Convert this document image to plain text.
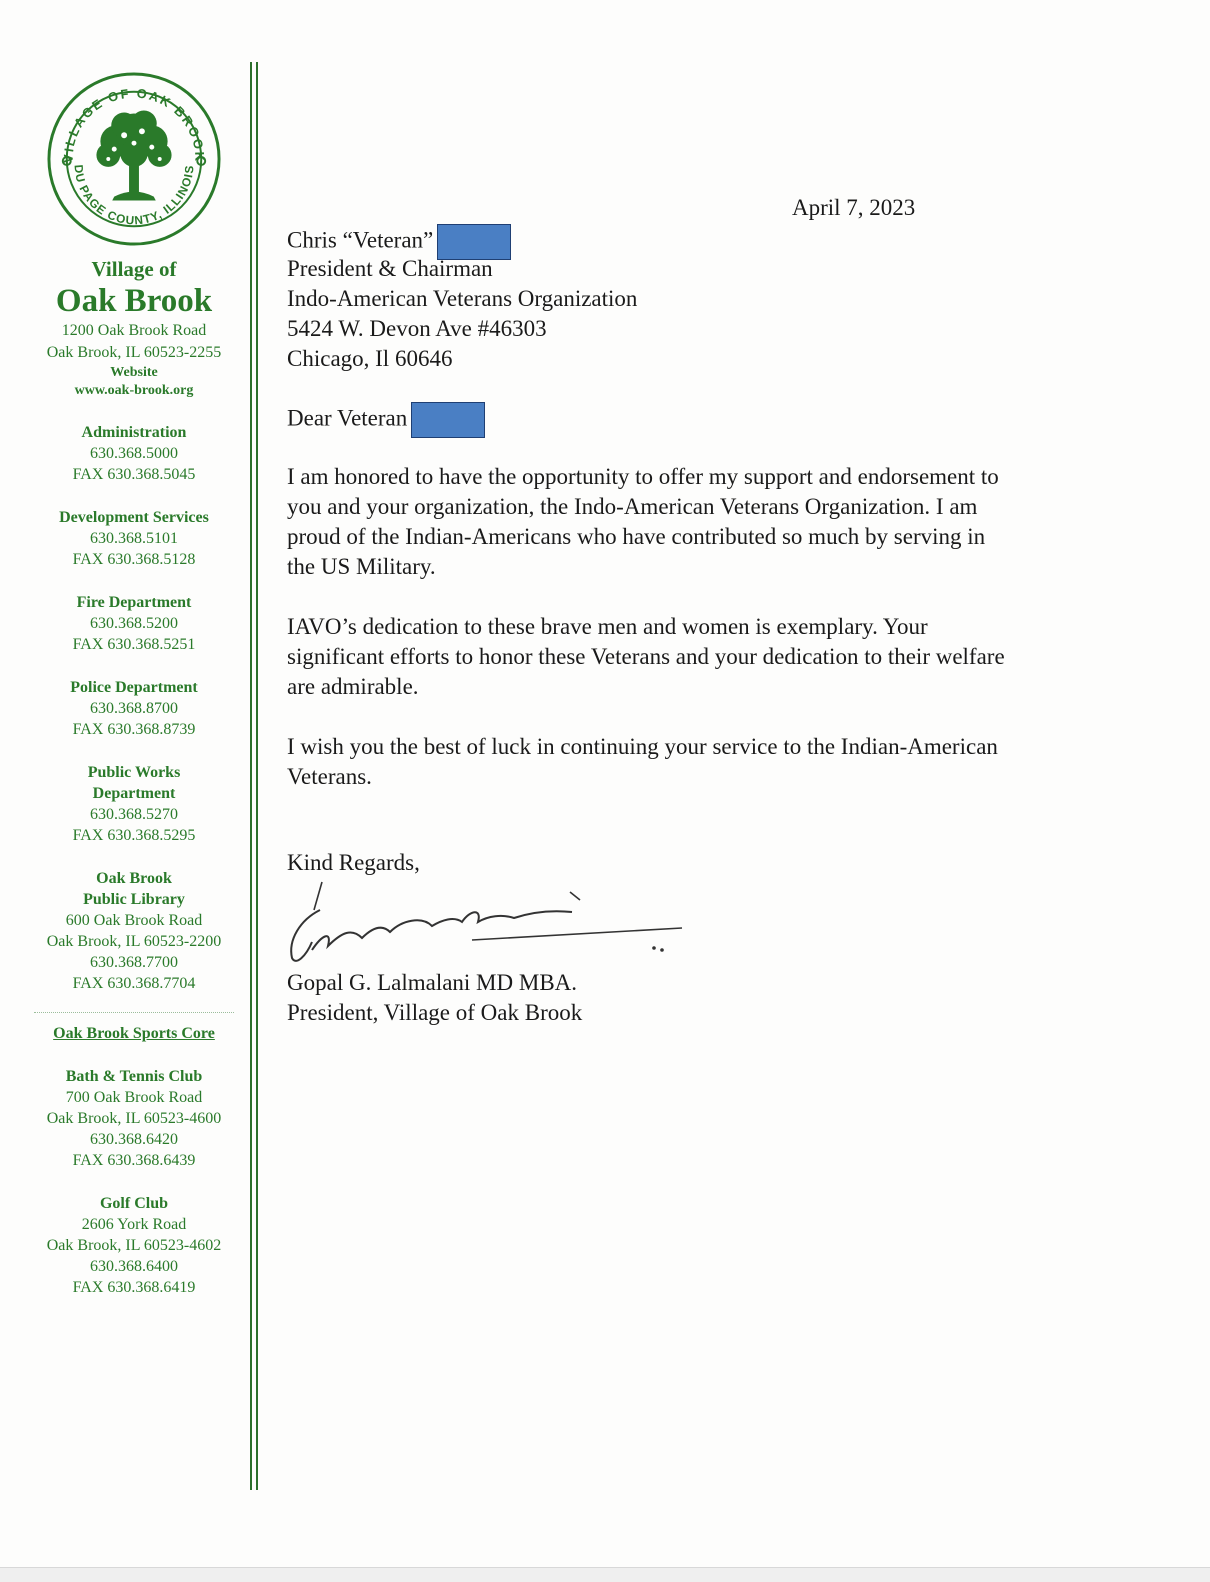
VILLAGE OF OAK BROOK
DU PAGE COUNTY, ILLINOIS
Village of
Oak Brook
1200 Oak Brook Road
Oak Brook, IL 60523-2255
Website
www.oak-brook.org
Administration
630.368.5000
FAX 630.368.5045
Development Services
630.368.5101
FAX 630.368.5128
Fire Department
630.368.5200
FAX 630.368.5251
Police Department
630.368.8700
FAX 630.368.8739
Public Works
Department
630.368.5270
FAX 630.368.5295
Oak Brook
Public Library
600 Oak Brook Road
Oak Brook, IL 60523-2200
630.368.7700
FAX 630.368.7704
Oak Brook Sports Core
Bath & Tennis Club
700 Oak Brook Road
Oak Brook, IL 60523-4600
630.368.6420
FAX 630.368.6439
Golf Club
2606 York Road
Oak Brook, IL 60523-4602
630.368.6400
FAX 630.368.6419
April 7, 2023
Chris “Veteran”
President & Chairman
Indo-American Veterans Organization
5424 W. Devon Ave #46303
Chicago, Il 60646
Dear Veteran
I am honored to have the opportunity to offer my support and endorsement to you and your organization, the Indo-American Veterans Organization. I am proud of the Indian-Americans who have contributed so much by serving in the US Military.
IAVO’s dedication to these brave men and women is exemplary. Your significant efforts to honor these Veterans and your dedication to their welfare are admirable.
I wish you the best of luck in continuing your service to the Indian-American Veterans.
Kind Regards,
Gopal G. Lalmalani MD MBA.
President, Village of Oak Brook
